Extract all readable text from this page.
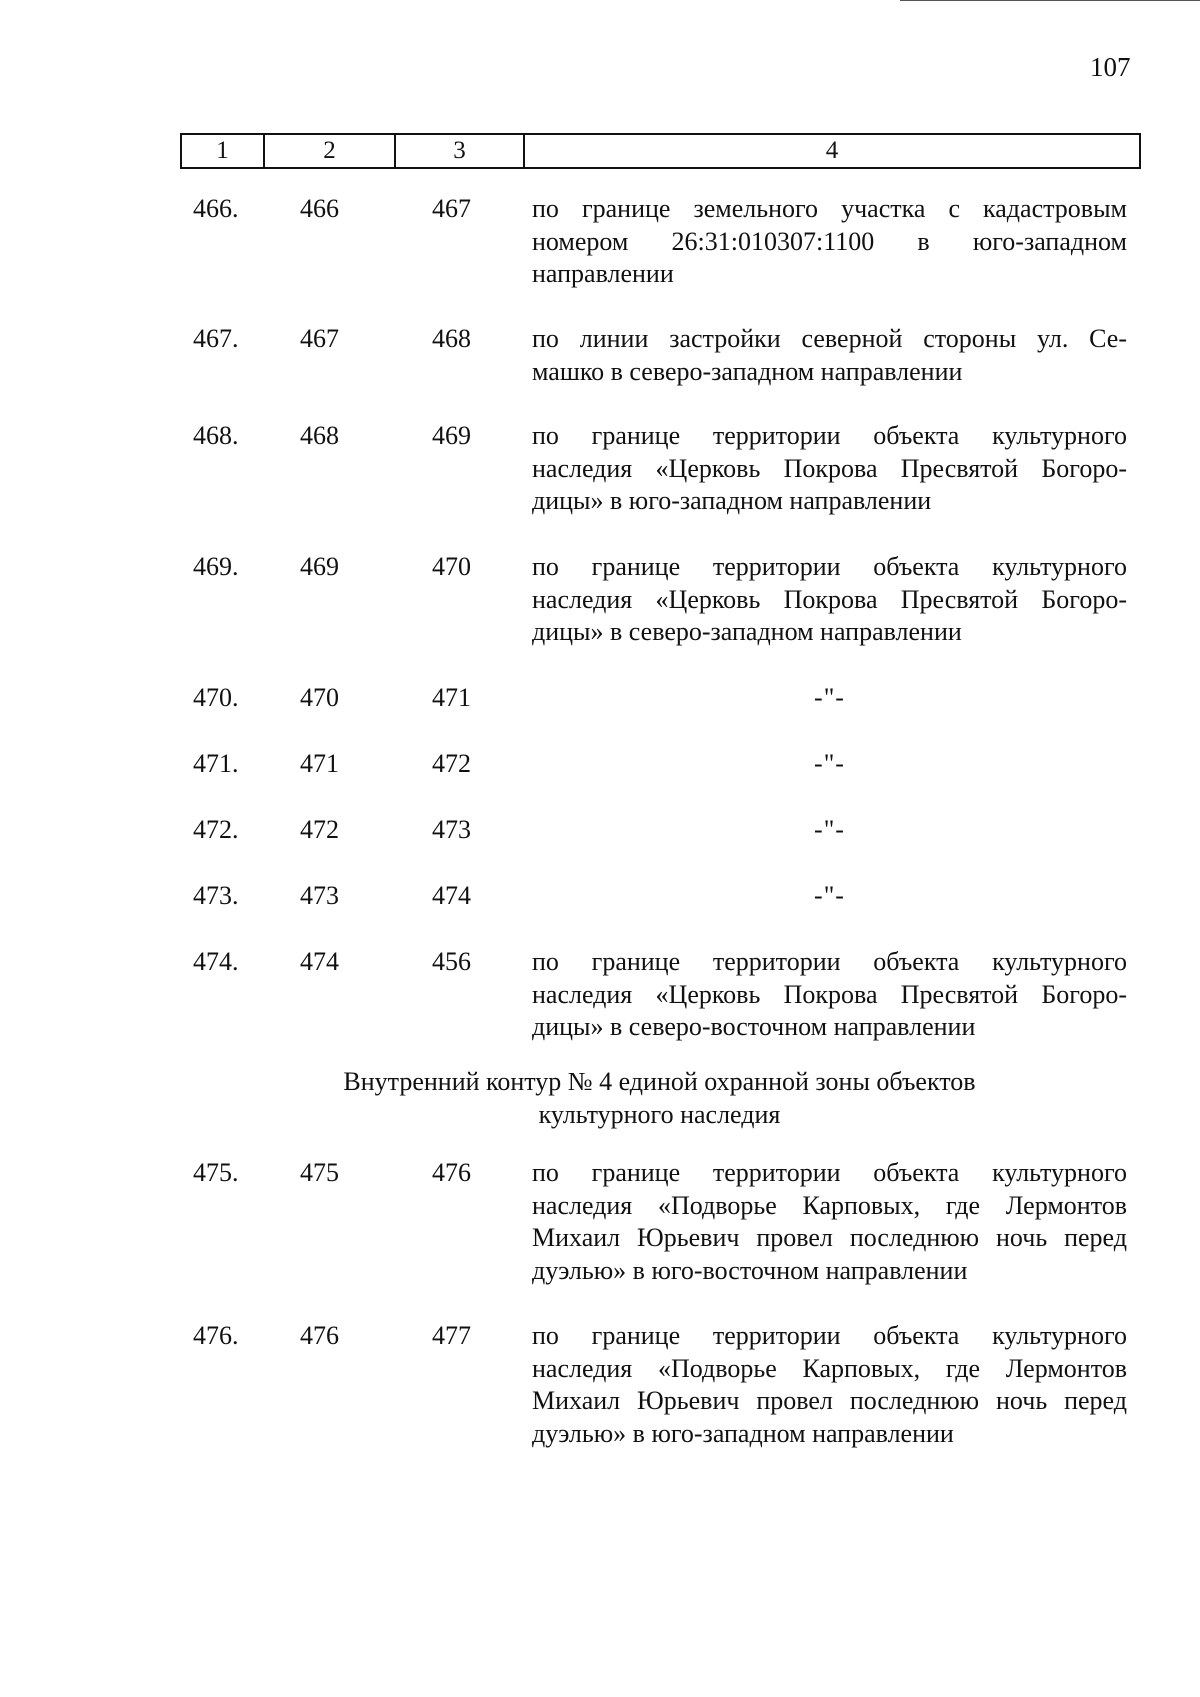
107
1	2	3	4
466.	466	467	по границе земельного участка с кадастровым
номером 26:31:010307:1100 в юго-западном
направлении
467.	467	468	по линии застройки северной стороны ул. Се-
машко в северо-западном направлении
468.	468	469	по границе территории объекта культурного
наследия «Церковь Покрова Пресвятой Богоро-
дицы» в юго-западном направлении
469.	469	470	по границе территории объекта культурного
наследия «Церковь Покрова Пресвятой Богоро-
дицы» в северо-западном направлении
470.	470	471	-"-
471.	471	472	-"-
472.	472	473	-"-
473.	473	474	-"-
474.	474	456	по границе территории объекта культурного
наследия «Церковь Покрова Пресвятой Богоро-
дицы» в северо-восточном направлении
Внутренний контур № 4 единой охранной зоны объектов
культурного наследия
475.	475	476	по границе территории объекта культурного
наследия «Подворье Карповых, где Лермонтов
Михаил Юрьевич провел последнюю ночь перед
дуэлью» в юго-восточном направлении
476.	476	477	по границе территории объекта культурного
наследия «Подворье Карповых, где Лермонтов
Михаил Юрьевич провел последнюю ночь перед
дуэлью» в юго-западном направлении
